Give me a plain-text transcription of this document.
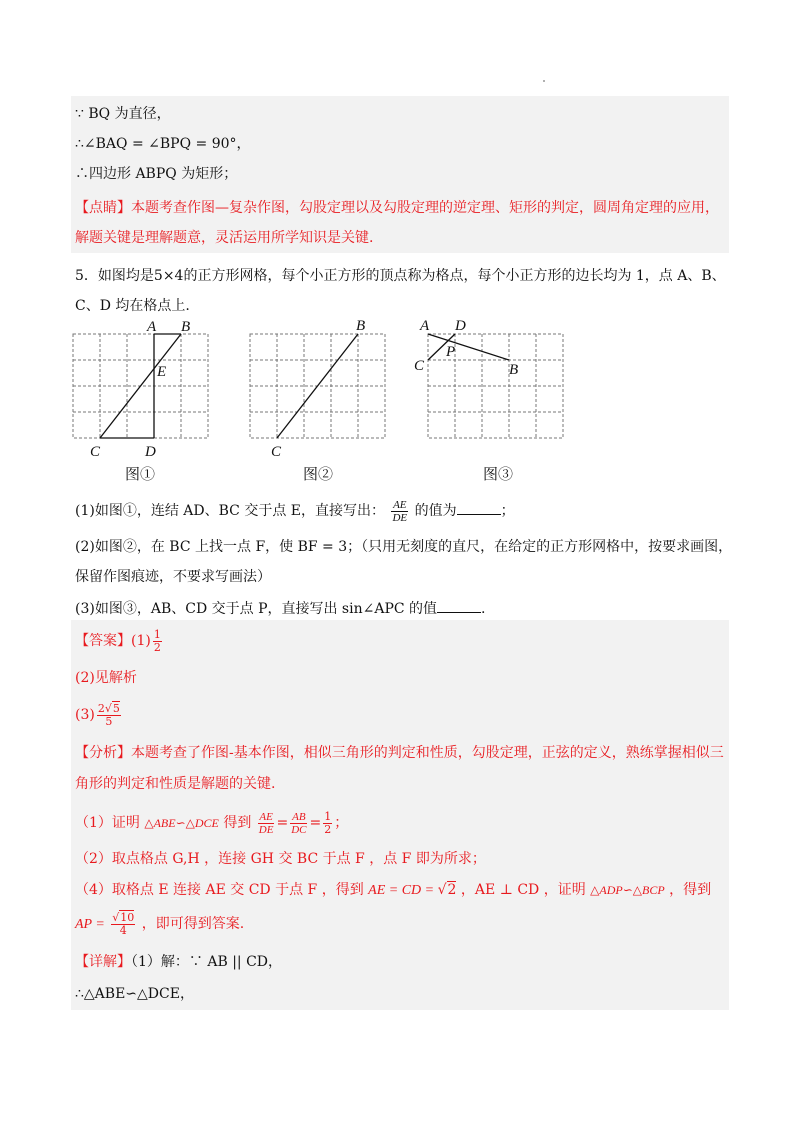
∵ BQ 为直径，
∴∠BAQ = ∠BPQ = 90°，
∴四边形 ABPQ 为矩形；
【点睛】本题考查作图—复杂作图，勾股定理以及勾股定理的逆定理、矩形的判定，圆周角定理的应用，
解题关键是理解题意，灵活运用所学知识是关键.
5．如图均是5×4的正方形网格，每个小正方形的顶点称为格点，每个小正方形的边长均为 1，点 A、B、
C、D 均在格点上.
A B
E
C	D
B
C
A D
P
C	B
图①	图②	图③
(1)如图①，连结 AD、BC 交于点 E，直接写出： $\frac{AE}{DE}$ 的值为	；
(2)如图②，在 BC 上找一点 F，使 BF = 3；（只用无刻度的直尺，在给定的正方形网格中，按要求画图，
保留作图痕迹，不要求写画法）
(3)如图③，AB、CD 交于点 P，直接写出 sin∠APC 的值	.
【答案】$(1) \frac{1}{2}$
(2)见解析
$(3) \frac{2√5}{5}$
【分析】本题考查了作图-基本作图，相似三角形的判定和性质，勾股定理，正弦的定义，熟练掌握相似三
角形的判定和性质是解题的关键.
（1）证明 △ABE∽△DCE 得到 $\frac{AE}{DE} = \frac{AB}{DC} = \frac{1}{2}$ ；
（2）取点格点 G,H ，连接 GH 交 BC 于点 F ，点 F 即为所求；
（4）取格点 E 连接 AE 交 CD 于点 F ，得到 AE = CD = √2 ，AE ⊥ CD ，证明 △ADP∽△BCP ，得到
AP = $\frac{√10}{4}$ ，即可得到答案.
【详解】（1）解：∵ AB || CD，
∴△ABE∽△DCE，
